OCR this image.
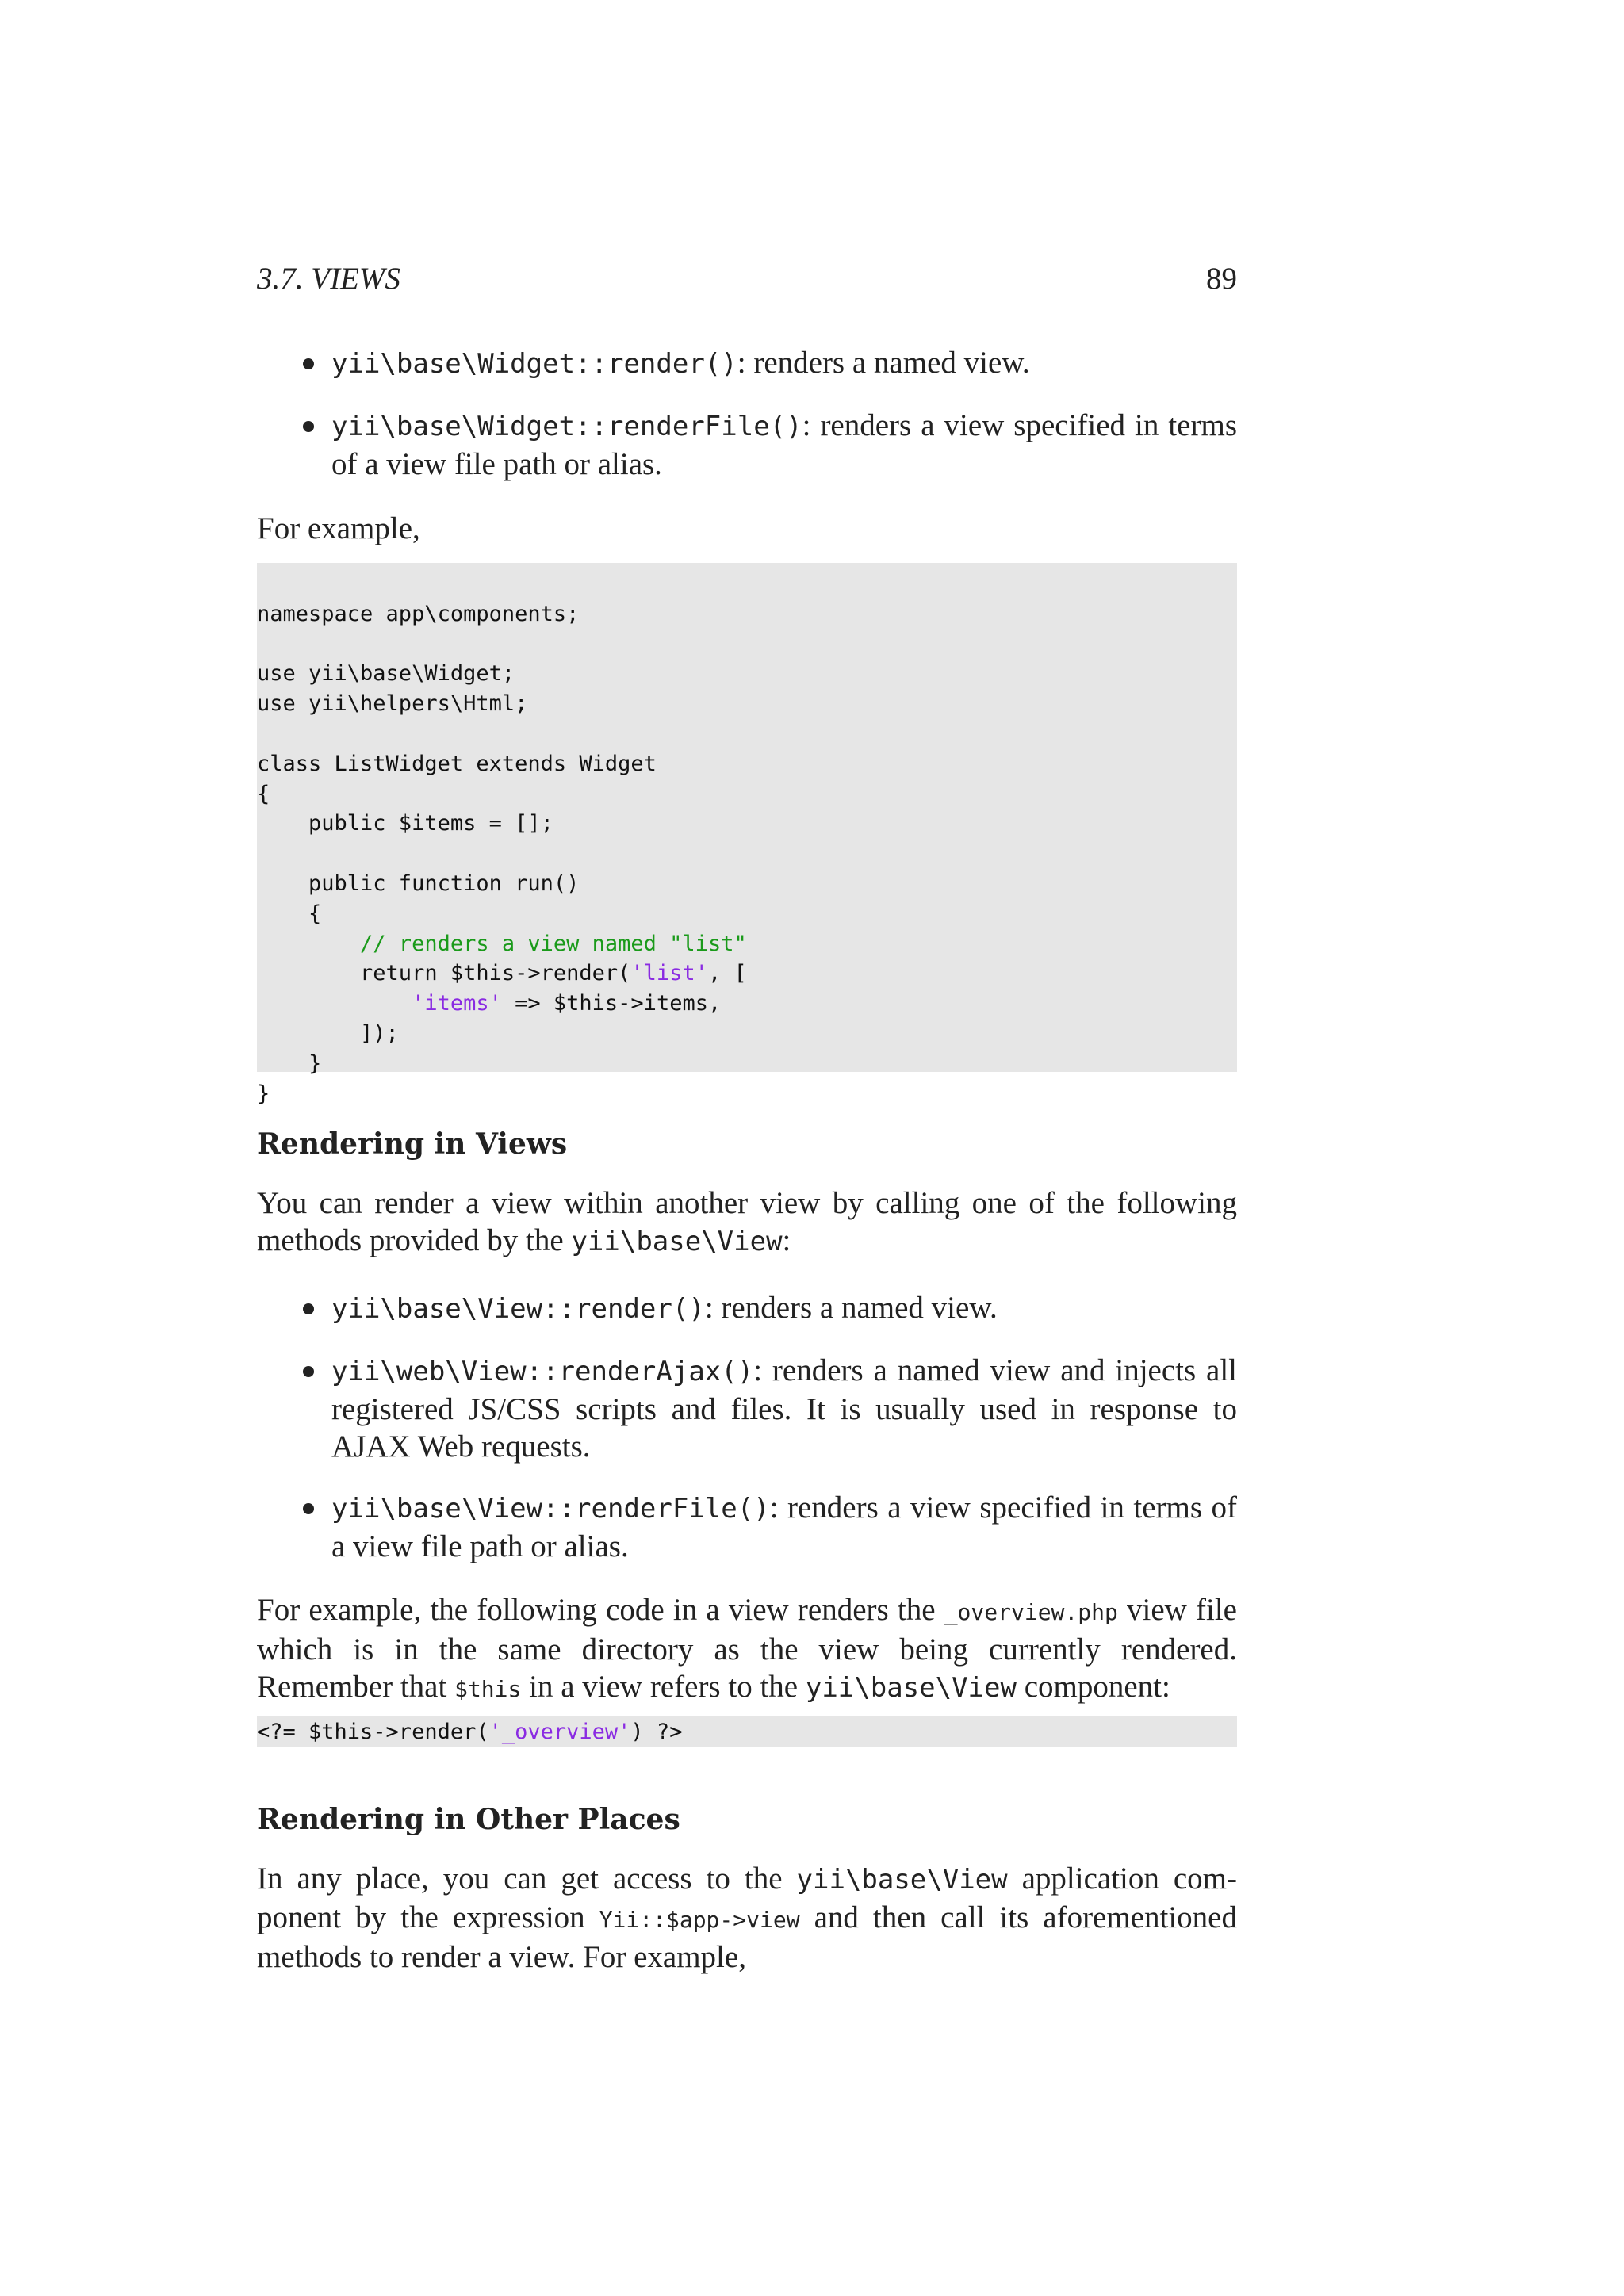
3.7. VIEWS	89
yii\base\Widget::render(): renders a named view.
yii\base\Widget::renderFile(): renders a view specified in terms of a view file path or alias.
For example,

namespace app\components;

use yii\base\Widget;
use yii\helpers\Html;

class ListWidget extends Widget
{
public $items = [];

public function run()
{
// renders a view named "list"
return $this->render('list', [
'items' => $this->items,
]);
}
}
Rendering in Views
You can render a view within another view by calling one of the following methods provided by the yii\base\View:
yii\base\View::render(): renders a named view.
yii\web\View::renderAjax(): renders a named view and injects all registered JS/CSS scripts and files. It is usually used in response to AJAX Web requests.
yii\base\View::renderFile(): renders a view specified in terms of a view file path or alias.
For example, the following code in a view renders the _overview.php view file which is in the same directory as the view being currently rendered. Remember that $this in a view refers to the yii\base\View component:
<?= $this->render('_overview') ?>
Rendering in Other Places
In any place, you can get access to the yii\base\View application com-ponent by the expression Yii::$app->view and then call its aforementioned methods to render a view. For example,
